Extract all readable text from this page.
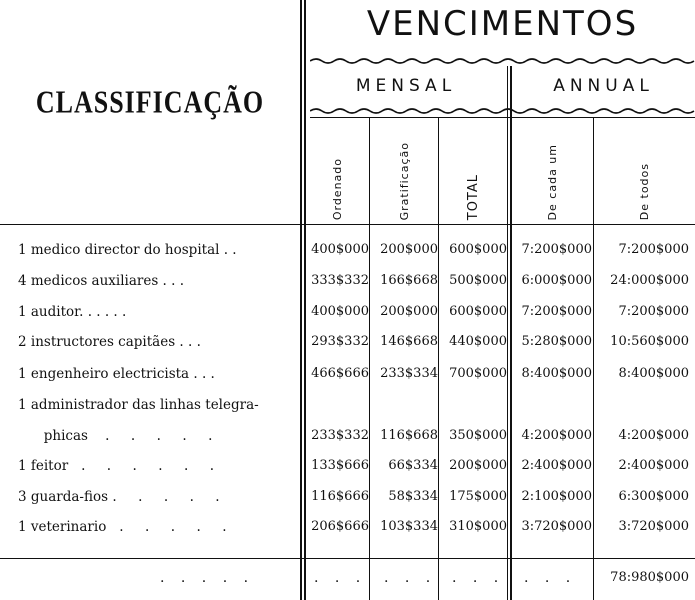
VENCIMENTOS
CLASSIFICAÇÃO	MENSAL	ANNUAL
Ordenado	Gratificação	TOTAL	De cada um	De todos
1 medico director do hospital . .	400$000 200$000 600$000	7:200$000	7:200$000
4 medicos auxiliares . . .	333$332 166$668 500$000	6:000$000	24:000$000
1 auditor. . . . . .	400$000 200$000 600$000	7:200$000	7:200$000
2 instructores capitães . . .	293$332 146$668 440$000	5:280$000	10:560$000
1 engenheiro electricista . . .	466$666 233$334 700$000	8:400$000	8:400$000
1 administrador das linhas telegra-
phicas    .     .     .     .     .	233$332 116$668 350$000	4:200$000	4:200$000
1 feitor   .     .     .     .     .     .	133$666	66$334 200$000	2:400$000	2:400$000
3 guarda-fios .     .     .     .     .	116$666	58$334 175$000	2:100$000	6:300$000
1 veterinario   .     .     .     .     .	206$666 103$334 310$000	3:720$000	3:720$000
. . . . .	. . . . . . . . . . . .	78:980$000
